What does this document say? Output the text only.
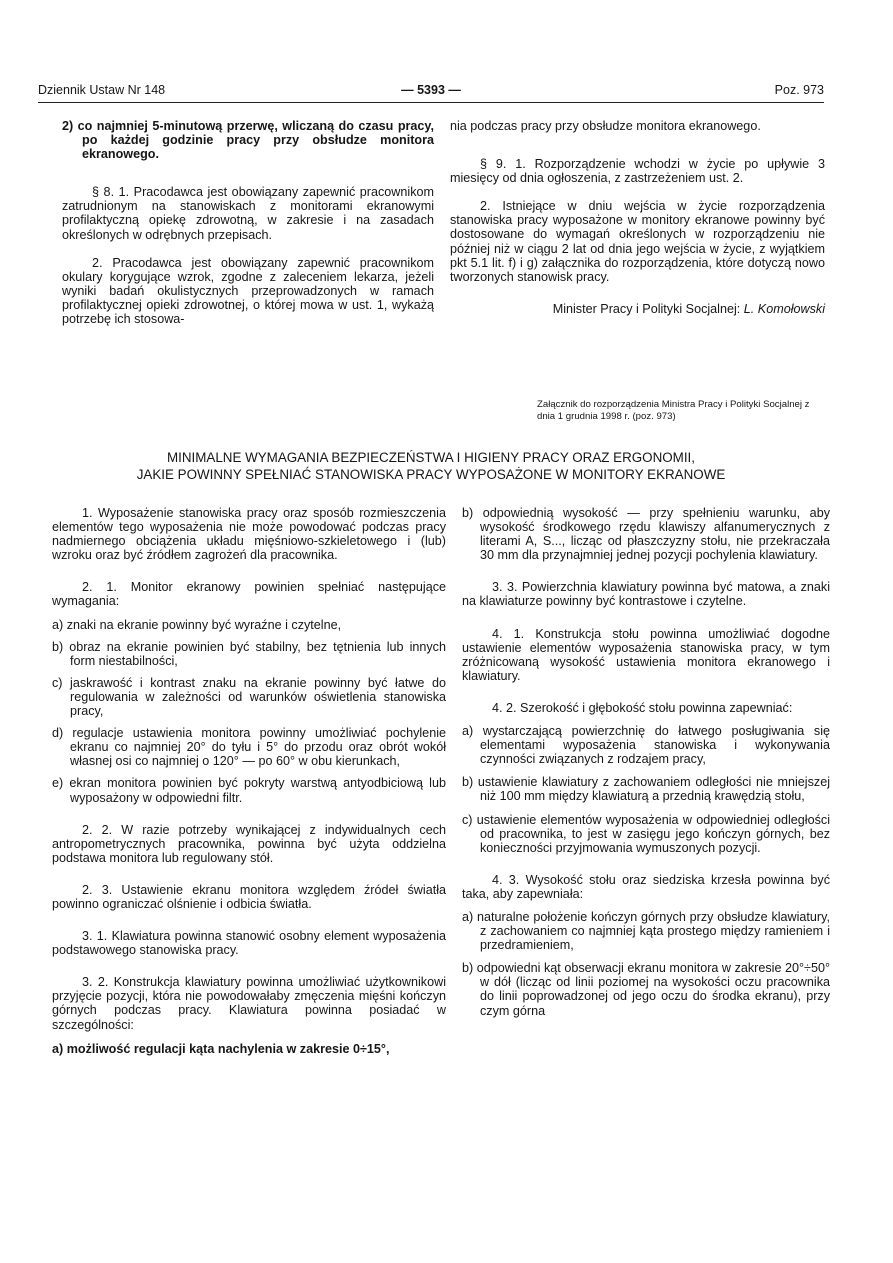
Dziennik Ustaw Nr 148	— 5393 —	Poz. 973

2) co najmniej 5-minutową przerwę, wliczaną do czasu pracy, po każdej godzinie pracy przy obsłudze monitora ekranowego.

§ 8. 1. Pracodawca jest obowiązany zapewnić pracownikom zatrudnionym na stanowiskach z monitorami ekranowymi profilaktyczną opiekę zdrowotną, w zakresie i na zasadach określonych w odrębnych przepisach.

2. Pracodawca jest obowiązany zapewnić pracownikom okulary korygujące wzrok, zgodne z zaleceniem lekarza, jeżeli wyniki badań okulistycznych przeprowadzonych w ramach profilaktycznej opieki zdrowotnej, o której mowa w ust. 1, wykażą potrzebę ich stosowa-

nia podczas pracy przy obsłudze monitora ekranowego.

§ 9. 1. Rozporządzenie wchodzi w życie po upływie 3 miesięcy od dnia ogłoszenia, z zastrzeżeniem ust. 2.

2. Istniejące w dniu wejścia w życie rozporządzenia stanowiska pracy wyposażone w monitory ekranowe powinny być dostosowane do wymagań określonych w rozporządzeniu nie później niż w ciągu 2 lat od dnia jego wejścia w życie, z wyjątkiem pkt 5.1 lit. f) i g) załącznika do rozporządzenia, które dotyczą nowo tworzonych stanowisk pracy.

Minister Pracy i Polityki Socjalnej: L. Komołowski

Załącznik do rozporządzenia Ministra Pracy i Polityki Socjalnej z dnia 1 grudnia 1998 r. (poz. 973)
MINIMALNE WYMAGANIA BEZPIECZEŃSTWA I HIGIENY PRACY ORAZ ERGONOMII,
JAKIE POWINNY SPEŁNIAĆ STANOWISKA PRACY WYPOSAŻONE W MONITORY EKRANOWE

1. Wyposażenie stanowiska pracy oraz sposób rozmieszczenia elementów tego wyposażenia nie może powodować podczas pracy nadmiernego obciążenia układu mięśniowo-szkieletowego i (lub) wzroku oraz być źródłem zagrożeń dla pracownika.

2. 1. Monitor ekranowy powinien spełniać następujące wymagania:

a) znaki na ekranie powinny być wyraźne i czytelne,

b) obraz na ekranie powinien być stabilny, bez tętnienia lub innych form niestabilności,

c) jaskrawość i kontrast znaku na ekranie powinny być łatwe do regulowania w zależności od warunków oświetlenia stanowiska pracy,

d) regulacje ustawienia monitora powinny umożliwiać pochylenie ekranu co najmniej 20° do tyłu i 5° do przodu oraz obrót wokół własnej osi co najmniej o 120° — po 60° w obu kierunkach,

e) ekran monitora powinien być pokryty warstwą antyodbiciową lub wyposażony w odpowiedni filtr.

2. 2. W razie potrzeby wynikającej z indywidualnych cech antropometrycznych pracownika, powinna być użyta oddzielna podstawa monitora lub regulowany stół.

2. 3. Ustawienie ekranu monitora względem źródeł światła powinno ograniczać olśnienie i odbicia światła.

3. 1. Klawiatura powinna stanowić osobny element wyposażenia podstawowego stanowiska pracy.

3. 2. Konstrukcja klawiatury powinna umożliwiać użytkownikowi przyjęcie pozycji, która nie powodowałaby zmęczenia mięśni kończyn górnych podczas pracy. Klawiatura powinna posiadać w szczególności:

a) możliwość regulacji kąta nachylenia w zakresie 0÷15°,

b) odpowiednią wysokość — przy spełnieniu warunku, aby wysokość środkowego rzędu klawiszy alfanumerycznych z literami A, S..., licząc od płaszczyzny stołu, nie przekraczała 30 mm dla przynajmniej jednej pozycji pochylenia klawiatury.

3. 3. Powierzchnia klawiatury powinna być matowa, a znaki na klawiaturze powinny być kontrastowe i czytelne.

4. 1. Konstrukcja stołu powinna umożliwiać dogodne ustawienie elementów wyposażenia stanowiska pracy, w tym zróżnicowaną wysokość ustawienia monitora ekranowego i klawiatury.

4. 2. Szerokość i głębokość stołu powinna zapewniać:

a) wystarczającą powierzchnię do łatwego posługiwania się elementami wyposażenia stanowiska i wykonywania czynności związanych z rodzajem pracy,

b) ustawienie klawiatury z zachowaniem odległości nie mniejszej niż 100 mm między klawiaturą a przednią krawędzią stołu,

c) ustawienie elementów wyposażenia w odpowiedniej odległości od pracownika, to jest w zasięgu jego kończyn górnych, bez konieczności przyjmowania wymuszonych pozycji.

4. 3. Wysokość stołu oraz siedziska krzesła powinna być taka, aby zapewniała:

a) naturalne położenie kończyn górnych przy obsłudze klawiatury, z zachowaniem co najmniej kąta prostego między ramieniem i przedramieniem,

b) odpowiedni kąt obserwacji ekranu monitora w zakresie 20°÷50° w dół (licząc od linii poziomej na wysokości oczu pracownika do linii poprowadzonej od jego oczu do środka ekranu), przy czym górna
